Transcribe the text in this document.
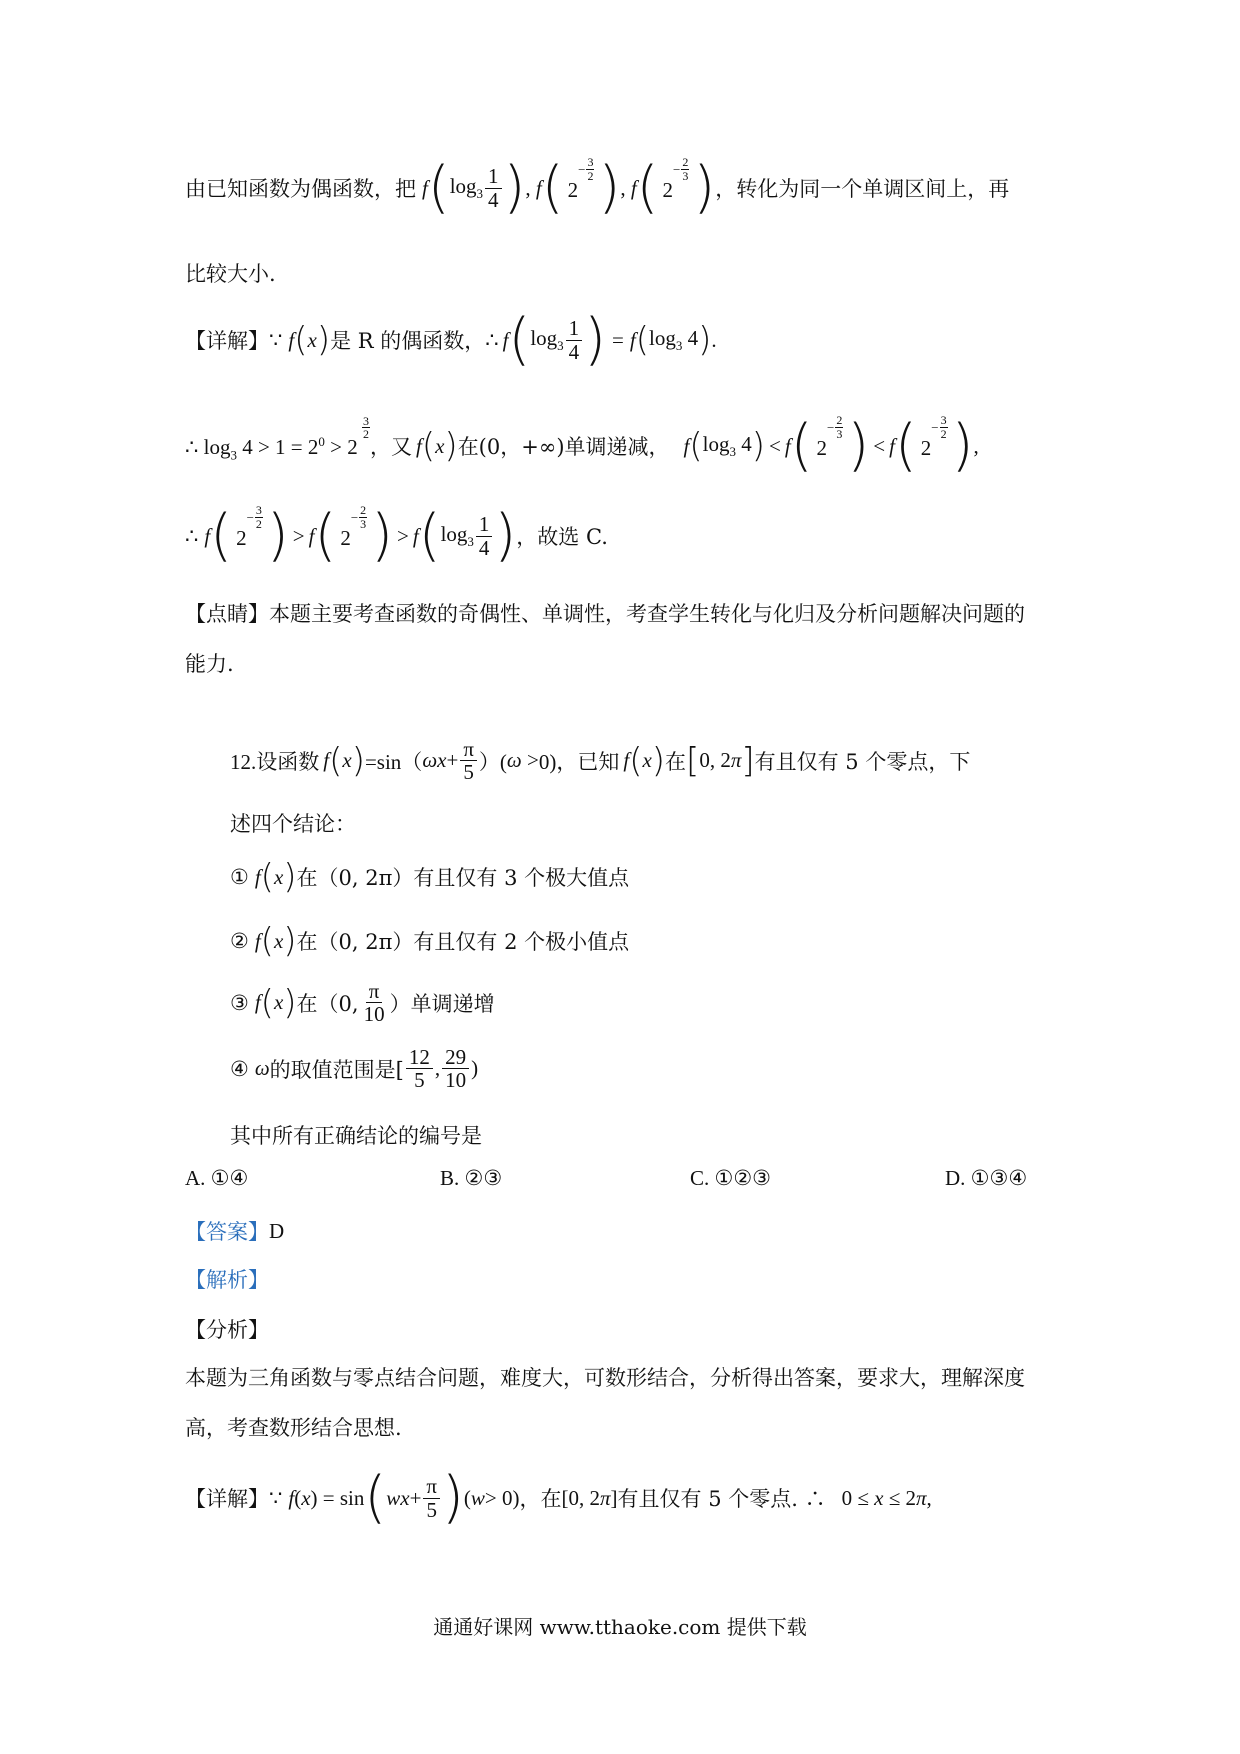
由已知函数为偶函数，把 f ( $\log_3 \frac{1}{4}$ ) , f ( $2^{- 3 2}$ ) , f ( $2^{- 2 3}$ ) ，转化为同一个单调区间上，再
比较大小.
【详解】 ∵ f ( x ) 是 R 的偶函数， ∴ f ( $\log_3 \frac{1}{4}$ ) = f ( $\log_3 4$ ) .
∴ $\log_3 4 > 1 = 2^0 > 2$
$^{3 2}$
，又 f ( x ) 在(0，+∞)单调递减， f ( $\log_3 4$ ) < f ( $2^{- 2 3}$ ) < f ( $2^{- 3 2}$ ) ,
∴ f ( $2^{- 3 2}$ ) > f ( $2^{- 2 3}$ ) > f ( $\log_3 \frac{1}{4}$ ) ，故选 C.
【点睛】 本题主要考查函数的奇偶性、单调性，考查学生转化与化归及分析问题解决问题的
能力.
12.设函数 f ( x ) =sin（ $\omega x + \frac{\pi}{5}$ ）( ω > 0)，已知 f ( x ) 在 [ 0, 2π ] 有且仅有 5 个零点，下
述四个结论：
① f ( x ) 在（0, 2π）有且仅有 3 个极大值点
② f ( x ) 在（0, 2π）有且仅有 2 个极小值点
③ f ( x ) 在（0, $\frac{\pi}{10}$ ）单调递增
④ ω 的取值范围是[ $\frac{12}{5}$ , $\frac{29}{10}$ )
其中所有正确结论的编号是
A. ①④	B. ②③	C. ①②③	D. ①③④
【答案】 D
【解析】
【分析】
本题为三角函数与零点结合问题，难度大，可数形结合，分析得出答案，要求大，理解深度
高，考查数形结合思想.
【详解】 ∵ f ( x ) = sin ( wx + $\frac{\pi}{5}$ ) ( w > 0) ，在 [0, 2π] 有且仅有 5 个零点. ∴ 0 ≤ x ≤ 2π,
通通好课网 www.tthaoke.com 提供下载
